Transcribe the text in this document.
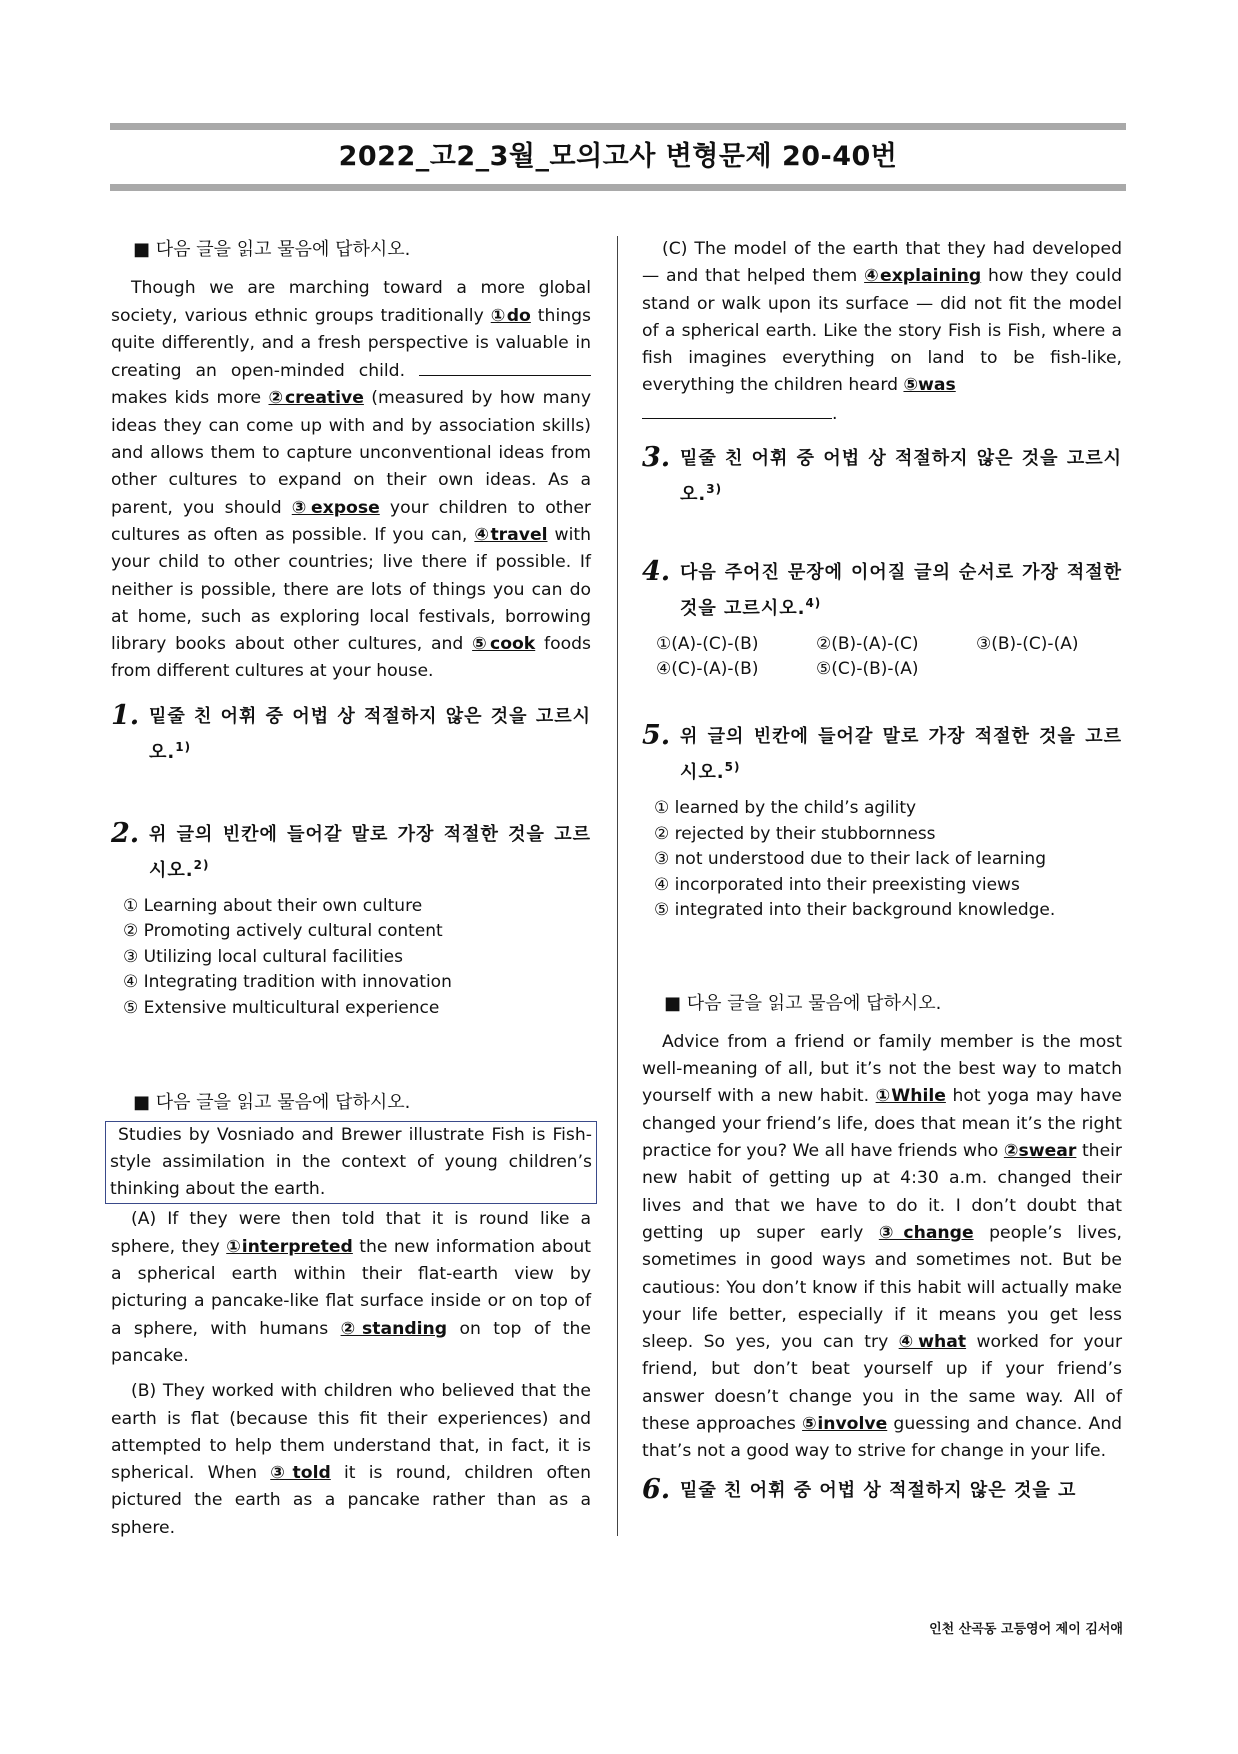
2022_고2_3월_모의고사 변형문제 20-40번

■ 다음 글을 읽고 물음에 답하시오.

Though we are marching toward a more global society, various ethnic groups traditionally ①do things quite differently, and a fresh perspective is valuable in creating an open-minded child.  makes kids more ②creative (measured by how many ideas they can come up with and by association skills) and allows them to capture unconventional ideas from other cultures to expand on their own ideas. As a parent, you should ③expose your children to other cultures as often as possible. If you can, ④travel with your child to other countries; live there if possible. If neither is possible, there are lots of things you can do at home, such as exploring local festivals, borrowing library books about other cultures, and ⑤cook foods from different cultures at your house.

1. 밑줄 친 어휘 중 어법 상 적절하지 않은 것을 고르시오.$^{1)}$
2. 위 글의 빈칸에 들어갈 말로 가장 적절한 것을 고르시오.$^{2)}$
① Learning about their own culture
② Promoting actively cultural content
③ Utilizing local cultural facilities
④ Integrating tradition with innovation
⑤ Extensive multicultural experience

■ 다음 글을 읽고 물음에 답하시오.

Studies by Vosniado and Brewer illustrate Fish is Fish-style assimilation in the context of young children’s thinking about the earth.

(A) If they were then told that it is round like a sphere, they ①interpreted the new information about a spherical earth within their flat-earth view by picturing a pancake-like flat surface inside or on top of a sphere, with humans ②standing on top of the pancake.

(B) They worked with children who believed that the earth is flat (because this fit their experiences) and attempted to help them understand that, in fact, it is spherical. When ③told it is round, children often pictured the earth as a pancake rather than as a sphere.

(C) The model of the earth that they had developed — and that helped them ④explaining how they could stand or walk upon its surface — did not fit the model of a spherical earth. Like the story Fish is Fish, where a fish imagines everything on land to be fish-like, everything the children heard ⑤was
.

3. 밑줄 친 어휘 중 어법 상 적절하지 않은 것을 고르시오.$^{3)}$
4. 다음 주어진 문장에 이어질 글의 순서로 가장 적절한 것을 고르시오.$^{4)}$
①(A)-(C)-(B)	②(B)-(A)-(C)	③(B)-(C)-(A)
④(C)-(A)-(B)	⑤(C)-(B)-(A)
5. 위 글의 빈칸에 들어갈 말로 가장 적절한 것을 고르시오.$^{5)}$
① learned by the child’s agility
② rejected by their stubbornness
③ not understood due to their lack of learning
④ incorporated into their preexisting views
⑤ integrated into their background knowledge.

■ 다음 글을 읽고 물음에 답하시오.

Advice from a friend or family member is the most well-meaning of all, but it’s not the best way to match yourself with a new habit. ①While hot yoga may have changed your friend’s life, does that mean it’s the right practice for you? We all have friends who ②swear their new habit of getting up at 4:30 a.m. changed their lives and that we have to do it. I don’t doubt that getting up super early ③change people’s lives, sometimes in good ways and sometimes not. But be cautious: You don’t know if this habit will actually make your life better, especially if it means you get less sleep. So yes, you can try ④what worked for your friend, but don’t beat yourself up if your friend’s answer doesn’t change you in the same way. All of these approaches ⑤involve guessing and chance. And that’s not a good way to strive for change in your life.

6. 밑줄 친 어휘 중 어법 상 적절하지 않은 것을 고
인천 산곡동 고등영어 제이 김서애
